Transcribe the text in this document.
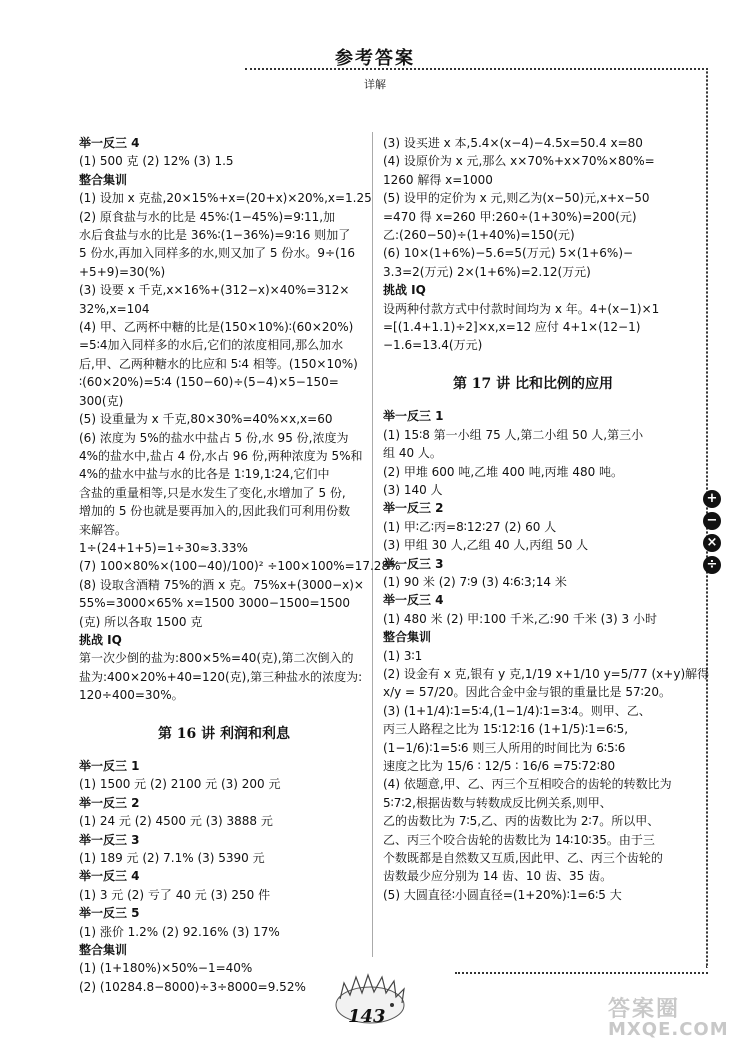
参考答案
详解
举一反三 4
(1) 500 克 (2) 12% (3) 1.5
整合集训
(1) 设加 x 克盐,20×15%+x=(20+x)×20%,x=1.25
(2) 原食盐与水的比是 45%∶(1−45%)=9∶11,加
水后食盐与水的比是 36%∶(1−36%)=9∶16 则加了
5 份水,再加入同样多的水,则又加了 5 份水。9÷(16
+5+9)=30(%)
(3) 设要 x 千克,x×16%+(312−x)×40%=312×
32%,x=104
(4) 甲、乙两杯中糖的比是(150×10%)∶(60×20%)
=5∶4加入同样多的水后,它们的浓度相同,那么加水
后,甲、乙两种糖水的比应和 5∶4 相等。(150×10%)
∶(60×20%)=5∶4 (150−60)÷(5−4)×5−150=
300(克)
(5) 设重量为 x 千克,80×30%=40%×x,x=60
(6) 浓度为 5%的盐水中盐占 5 份,水 95 份,浓度为
4%的盐水中,盐占 4 份,水占 96 份,两种浓度为 5%和
4%的盐水中盐与水的比各是 1∶19,1∶24,它们中
含盐的重量相等,只是水发生了变化,水增加了 5 份,
增加的 5 份也就是要再加入的,因此我们可利用份数
来解答。
1÷(24+1+5)=1÷30≈3.33%
(7) 100×80%×(100−40)/100)² ÷100×100%=17.28%
(8) 设取含酒精 75%的酒 x 克。75%x+(3000−x)×
55%=3000×65% x=1500 3000−1500=1500
(克) 所以各取 1500 克
挑战 IQ
第一次少倒的盐为:800×5%=40(克),第二次倒入的
盐为:400×20%+40=120(克),第三种盐水的浓度为:
120÷400=30%。
第 16 讲 利润和利息
举一反三 1
(1) 1500 元 (2) 2100 元 (3) 200 元
举一反三 2
(1) 24 元 (2) 4500 元 (3) 3888 元
举一反三 3
(1) 189 元 (2) 7.1% (3) 5390 元
举一反三 4
(1) 3 元 (2) 亏了 40 元 (3) 250 件
举一反三 5
(1) 涨价 1.2% (2) 92.16% (3) 17%
整合集训
(1) (1+180%)×50%−1=40%
(2) (10284.8−8000)÷3÷8000=9.52%
(3) 设买进 x 本,5.4×(x−4)−4.5x=50.4 x=80
(4) 设原价为 x 元,那么 x×70%+x×70%×80%=
1260 解得 x=1000
(5) 设甲的定价为 x 元,则乙为(x−50)元,x+x−50
=470 得 x=260 甲:260÷(1+30%)=200(元)
乙:(260−50)÷(1+40%)=150(元)
(6) 10×(1+6%)−5.6=5(万元) 5×(1+6%)−
3.3=2(万元) 2×(1+6%)=2.12(万元)
挑战 IQ
设两种付款方式中付款时间均为 x 年。4+(x−1)×1
=[(1.4+1.1)÷2]×x,x=12 应付 4+1×(12−1)
−1.6=13.4(万元)
第 17 讲 比和比例的应用
举一反三 1
(1) 15∶8 第一小组 75 人,第二小组 50 人,第三小
组 40 人。
(2) 甲堆 600 吨,乙堆 400 吨,丙堆 480 吨。
(3) 140 人
举一反三 2
(1) 甲∶乙∶丙=8∶12∶27 (2) 60 人
(3) 甲组 30 人,乙组 40 人,丙组 50 人
举一反三 3
(1) 90 米 (2) 7∶9 (3) 4∶6∶3;14 米
举一反三 4
(1) 480 米 (2) 甲:100 千米,乙:90 千米 (3) 3 小时
整合集训
(1) 3∶1
(2) 设金有 x 克,银有 y 克,1/19 x+1/10 y=5/77 (x+y)解得
x/y = 57/20。因此合金中金与银的重量比是 57∶20。
(3) (1+1/4)∶1=5∶4,(1−1/4)∶1=3∶4。则甲、乙、
丙三人路程之比为 15∶12∶16 (1+1/5)∶1=6∶5,
(1−1/6)∶1=5∶6 则三人所用的时间比为 6∶5∶6
速度之比为 15/6 ∶ 12/5 ∶ 16/6 =75∶72∶80
(4) 依题意,甲、乙、丙三个互相咬合的齿轮的转数比为
5∶7∶2,根据齿数与转数成反比例关系,则甲、
乙的齿数比为 7∶5,乙、丙的齿数比为 2∶7。所以甲、
乙、丙三个咬合齿轮的齿数比为 14∶10∶35。由于三
个数既都是自然数又互质,因此甲、乙、丙三个齿轮的
齿数最少应分别为 14 齿、10 齿、35 齿。
(5) 大圆直径∶小圆直径=(1+20%)∶1=6∶5 大
+
−
×
÷
143	答案圈
MXQE.COM
